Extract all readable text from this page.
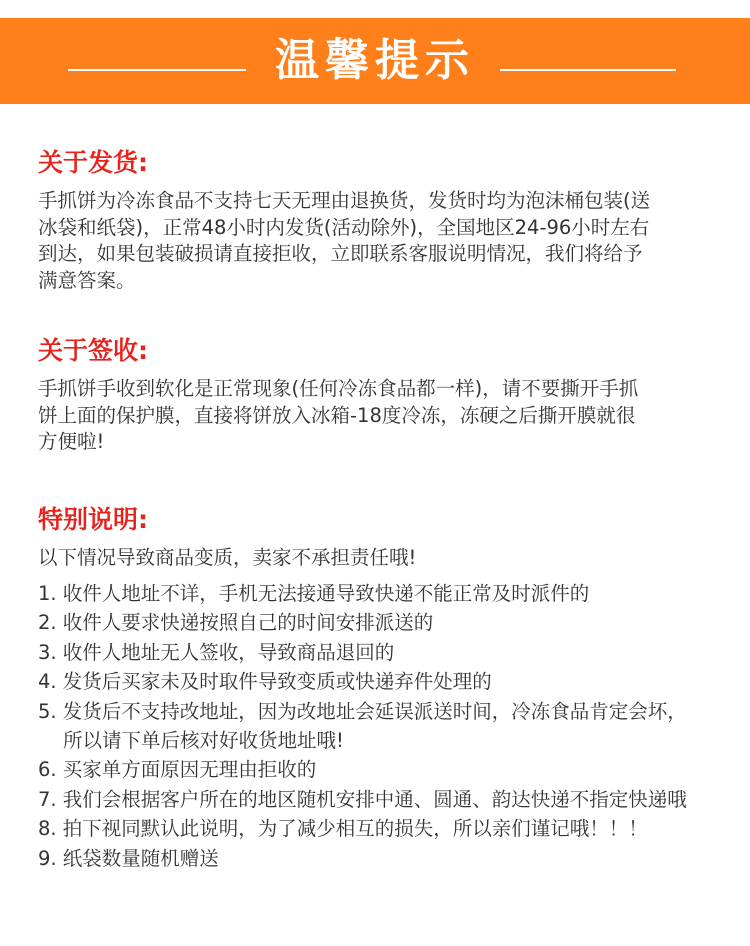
温馨提示
关于发货:
手抓饼为冷冻食品不支持七天无理由退换货，发货时均为泡沫桶包装(送
冰袋和纸袋)，正常48小时内发货(活动除外)，全国地区24-96小时左右
到达，如果包装破损请直接拒收，立即联系客服说明情况，我们将给予
满意答案。
关于签收:
手抓饼手收到软化是正常现象(任何冷冻食品都一样)，请不要撕开手抓
饼上面的保护膜，直接将饼放入冰箱-18度冷冻，冻硬之后撕开膜就很
方便啦!
特别说明:
以下情况导致商品变质，卖家不承担责任哦!
1. 收件人地址不详，手机无法接通导致快递不能正常及时派件的
2. 收件人要求快递按照自己的时间安排派送的
3. 收件人地址无人签收，导致商品退回的
4. 发货后买家未及时取件导致变质或快递弃件处理的
5. 发货后不支持改地址，因为改地址会延误派送时间，冷冻食品肯定会坏，
所以请下单后核对好收货地址哦!
6. 买家单方面原因无理由拒收的
7. 我们会根据客户所在的地区随机安排中通、圆通、韵达快递不指定快递哦
8. 拍下视同默认此说明，为了减少相互的损失，所以亲们谨记哦！！！
9. 纸袋数量随机赠送
